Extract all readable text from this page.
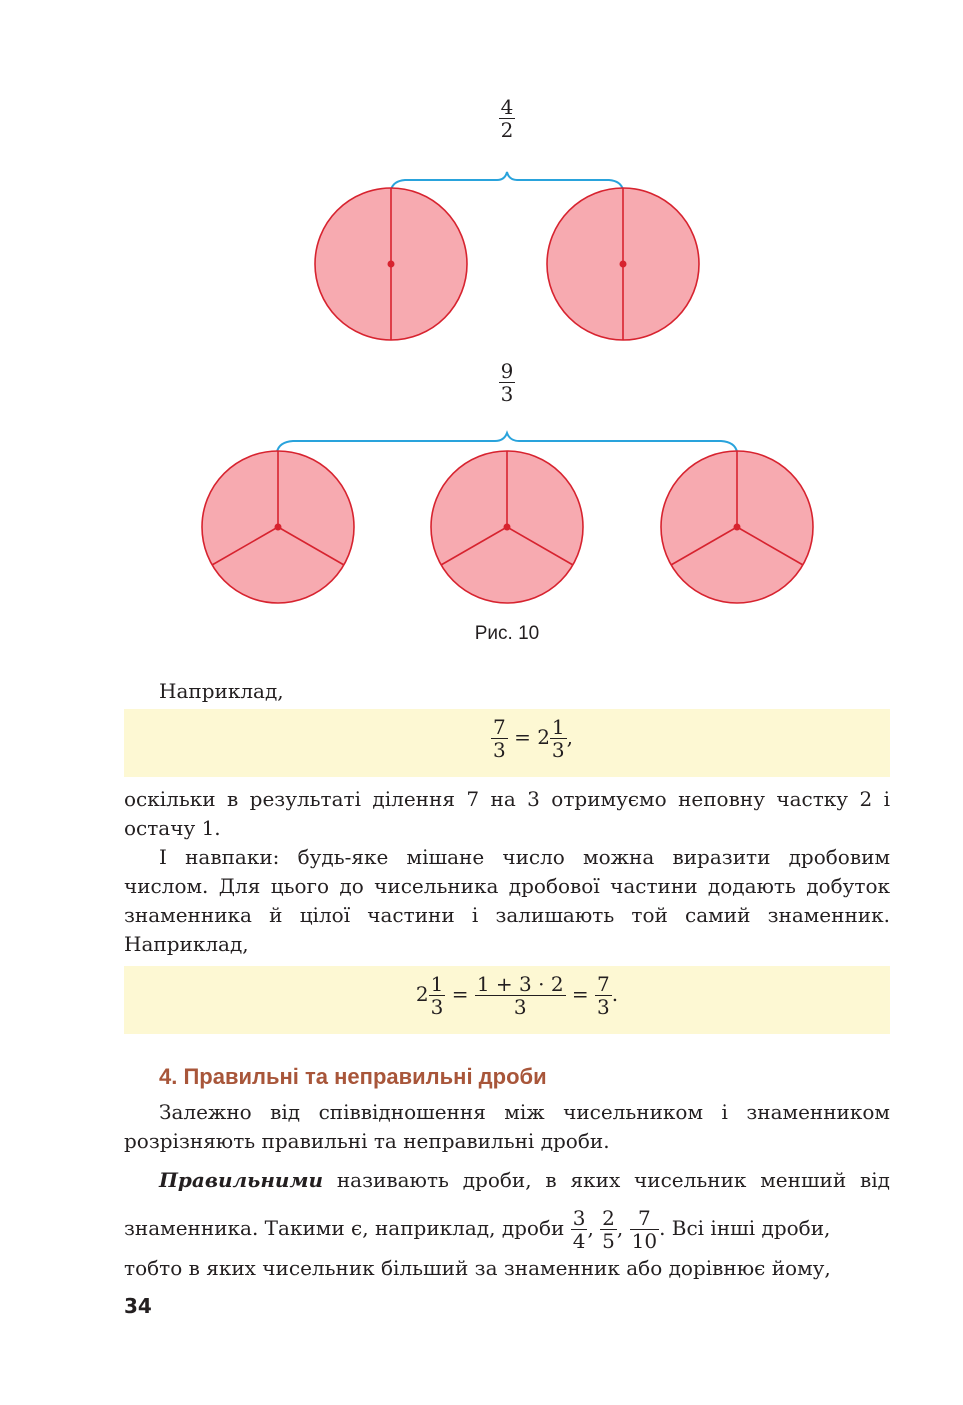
$\frac{4}{2}$
$\frac{9}{3}$
Рис. 10
Наприклад,
$\frac{7}{3} = 2 \frac{1}{3}$ ,
оскільки в результаті ділення 7 на 3 отримуємо неповну частку 2 і остачу 1.
І навпаки: будь-яке мішане число можна виразити дробовим числом. Для цього до чисельника дробової частини додають добуток знаменника й цілої частини і залишають той самий знаменник. Наприклад,
$2 \frac{1}{3} = \frac{1 + 3 \cdot 2}{3} = \frac{7}{3}$ .
4. Правильні та неправильні дроби
Залежно від співвідношення між чисельником і знаменником розрізняють правильні та неправильні дроби.
Правильними називають дроби, в яких чисельник менший від знаменника. Такими є, наприклад, дроби $\frac{3}{4}$ , $\frac{2}{5}$ , $\frac{7}{10}$ . Всі інші дроби,
тобто в яких чисельник більший за знаменник або дорівнює йому,
34
